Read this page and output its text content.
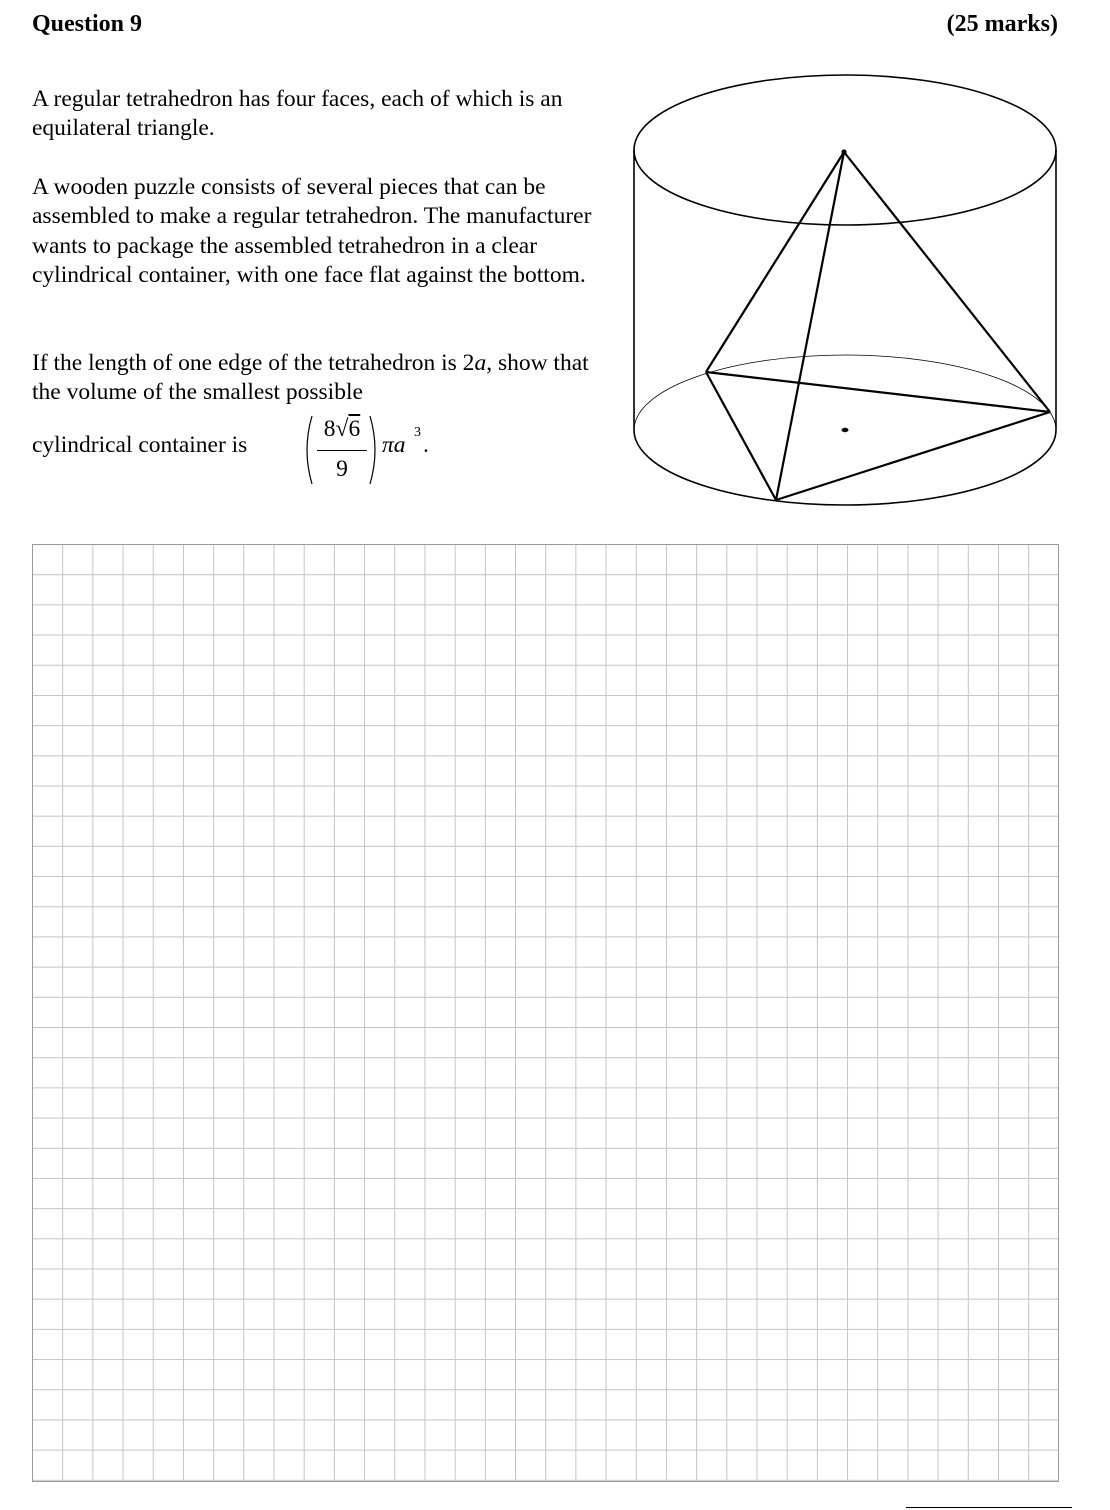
Question 9	(25 marks)

A regular tetrahedron has four faces, each of which is an equilateral triangle.

A wooden puzzle consists of several pieces that can be assembled to make a regular tetrahedron. The manufacturer wants to package the assembled tetrahedron in a clear cylindrical container, with one face flat against the bottom.

If the length of one edge of the tetrahedron is 2a, show that the volume of the smallest possible

cylindrical container is
8√6
9
πa 3 .
